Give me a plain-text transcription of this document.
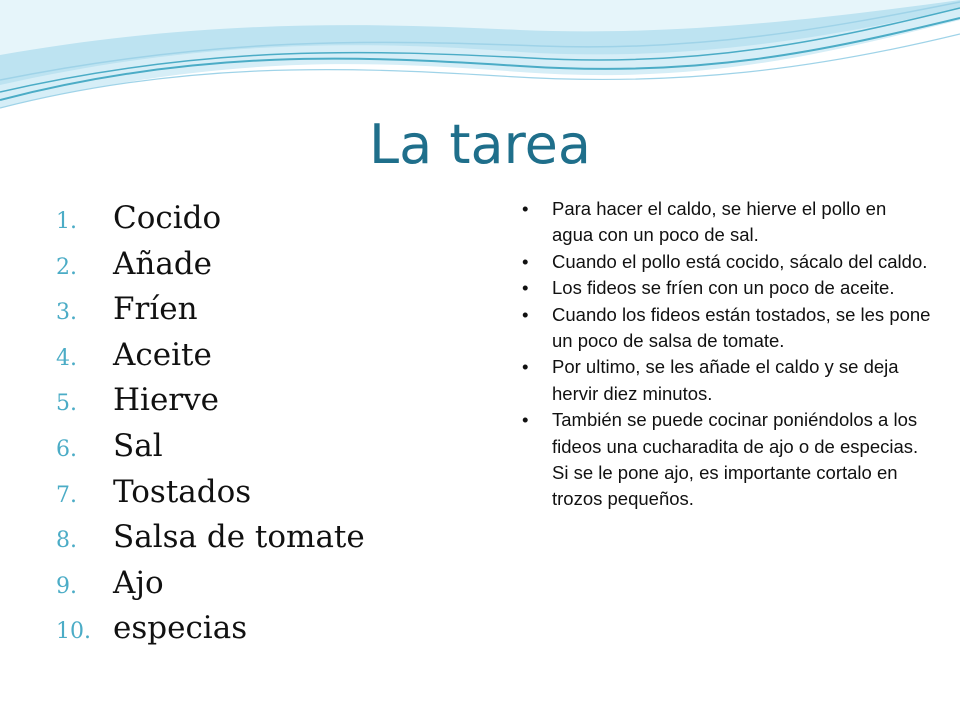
La tarea
1.	Cocido
2.	Añade
3.	Fríen
4.	Aceite
5.	Hierve
6.	Sal
7.	Tostados
8.	Salsa de tomate
9.	Ajo
10. especias
• Para hacer el caldo, se hierve el pollo en agua con un poco de sal.
• Cuando el pollo está cocido, sácalo del caldo.
• Los fideos se fríen con un poco de aceite.
• Cuando los fideos están tostados, se les pone un poco de salsa de tomate.
• Por ultimo, se les añade el caldo y se deja hervir diez minutos.
• También se puede cocinar poniéndolos a los fideos una cucharadita de ajo o de especias. Si se le pone ajo, es importante cortalo en trozos pequeños.
